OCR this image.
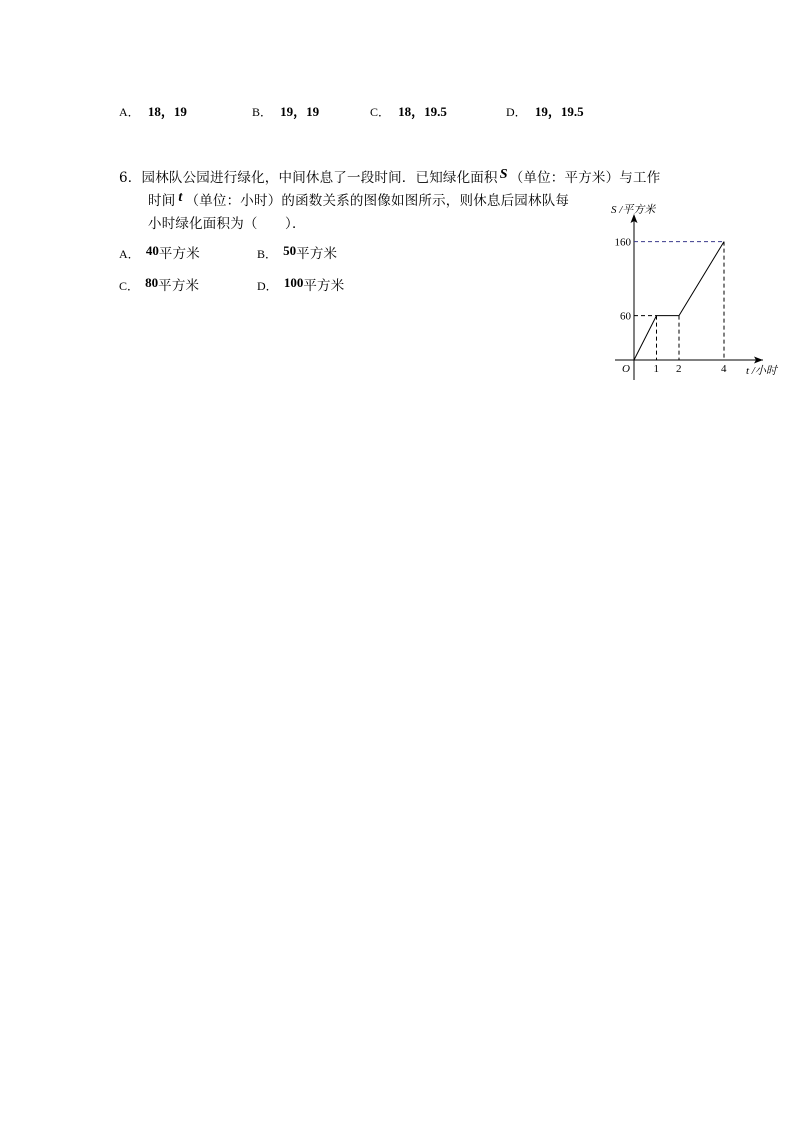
A． 18，19	B． 19，19	C． 18，19.5	D． 19，19.5
6．园林队公园进行绿化，中间休息了一段时间．已知绿化面积 S （单位：平方米）与工作
时间 t （单位：小时）的函数关系的图像如图所示，则休息后园林队每
小时绿化面积为（　　）．
A． 40平方米	B． 50平方米
C． 80平方米	D． 100平方米
1 2	4
60
160
S /平方米
t /小时
O
